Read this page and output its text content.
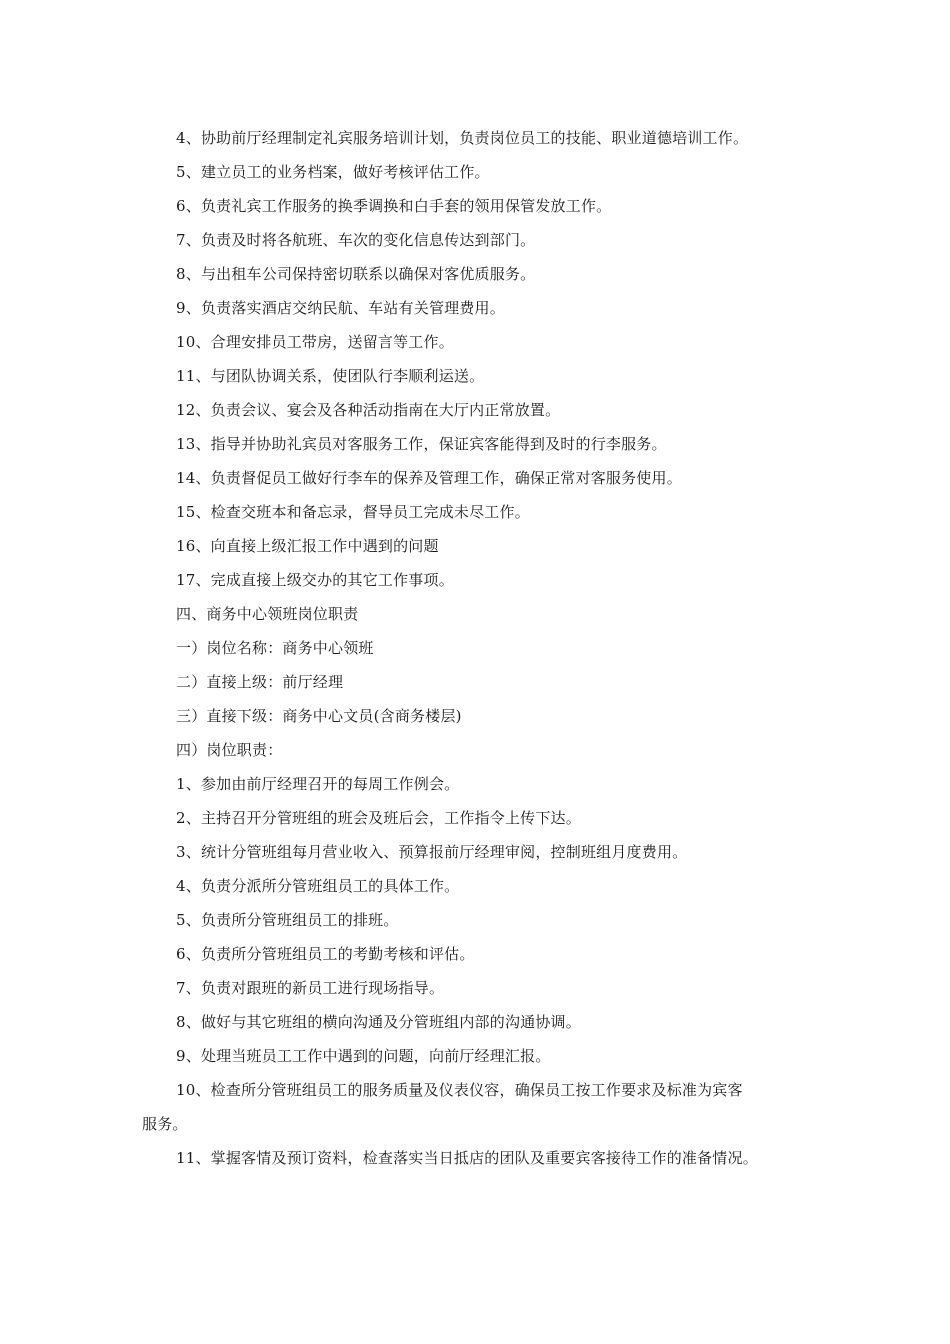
4、协助前厅经理制定礼宾服务培训计划，负责岗位员工的技能、职业道德培训工作。
5、建立员工的业务档案，做好考核评估工作。
6、负责礼宾工作服务的换季调换和白手套的领用保管发放工作。
7、负责及时将各航班、车次的变化信息传达到部门。
8、与出租车公司保持密切联系以确保对客优质服务。
9、负责落实酒店交纳民航、车站有关管理费用。
10、合理安排员工带房，送留言等工作。
11、与团队协调关系，使团队行李顺利运送。
12、负责会议、宴会及各种活动指南在大厅内正常放置。
13、指导并协助礼宾员对客服务工作，保证宾客能得到及时的行李服务。
14、负责督促员工做好行李车的保养及管理工作，确保正常对客服务使用。
15、检查交班本和备忘录，督导员工完成未尽工作。
16、向直接上级汇报工作中遇到的问题
17、完成直接上级交办的其它工作事项。
四、商务中心领班岗位职责
一）岗位名称：商务中心领班
二）直接上级：前厅经理
三）直接下级：商务中心文员(含商务楼层)
四）岗位职责：
1、参加由前厅经理召开的每周工作例会。
2、主持召开分管班组的班会及班后会，工作指令上传下达。
3、统计分管班组每月营业收入、预算报前厅经理审阅，控制班组月度费用。
4、负责分派所分管班组员工的具体工作。
5、负责所分管班组员工的排班。
6、负责所分管班组员工的考勤考核和评估。
7、负责对跟班的新员工进行现场指导。
8、做好与其它班组的横向沟通及分管班组内部的沟通协调。
9、处理当班员工工作中遇到的问题，向前厅经理汇报。
10、检查所分管班组员工的服务质量及仪表仪容，确保员工按工作要求及标准为宾客
服务。
11、掌握客情及预订资料，检查落实当日抵店的团队及重要宾客接待工作的准备情况。
